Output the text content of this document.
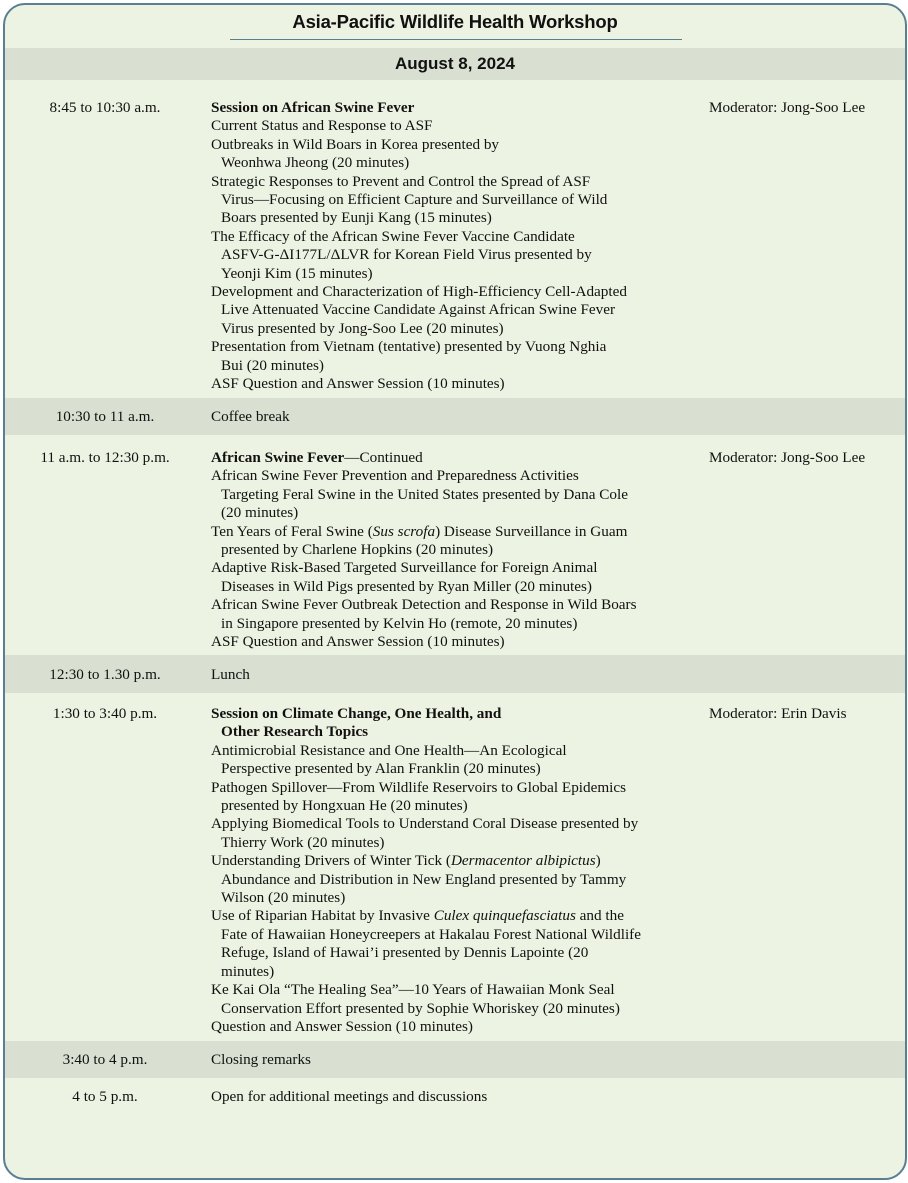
Asia-Pacific Wildlife Health Workshop
August 8, 2024
8:45 to 10:30 a.m.	Session on African Swine Fever
Current Status and Response to ASF
Outbreaks in Wild Boars in Korea presented by
Weonhwa Jheong (20 minutes)
Strategic Responses to Prevent and Control the Spread of ASF
Virus—Focusing on Efficient Capture and Surveillance of Wild
Boars presented by Eunji Kang (15 minutes)
The Efficacy of the African Swine Fever Vaccine Candidate
ASFV-G-ΔI177L/ΔLVR for Korean Field Virus presented by
Yeonji Kim (15 minutes)
Development and Characterization of High-Efficiency Cell-Adapted
Live Attenuated Vaccine Candidate Against African Swine Fever
Virus presented by Jong-Soo Lee (20 minutes)
Presentation from Vietnam (tentative) presented by Vuong Nghia
Bui (20 minutes)
ASF Question and Answer Session (10 minutes)
Moderator: Jong-Soo Lee
10:30 to 11 a.m.	Coffee break
11 a.m. to 12:30 p.m.	African Swine Fever—Continued
African Swine Fever Prevention and Preparedness Activities
Targeting Feral Swine in the United States presented by Dana Cole
(20 minutes)
Ten Years of Feral Swine (Sus scrofa) Disease Surveillance in Guam
presented by Charlene Hopkins (20 minutes)
Adaptive Risk-Based Targeted Surveillance for Foreign Animal
Diseases in Wild Pigs presented by Ryan Miller (20 minutes)
African Swine Fever Outbreak Detection and Response in Wild Boars
in Singapore presented by Kelvin Ho (remote, 20 minutes)
ASF Question and Answer Session (10 minutes)
Moderator: Jong-Soo Lee
12:30 to 1.30 p.m.	Lunch
1:30 to 3:40 p.m.	Session on Climate Change, One Health, and
Other Research Topics
Antimicrobial Resistance and One Health—An Ecological
Perspective presented by Alan Franklin (20 minutes)
Pathogen Spillover—From Wildlife Reservoirs to Global Epidemics
presented by Hongxuan He (20 minutes)
Applying Biomedical Tools to Understand Coral Disease presented by
Thierry Work (20 minutes)
Understanding Drivers of Winter Tick (Dermacentor albipictus)
Abundance and Distribution in New England presented by Tammy
Wilson (20 minutes)
Use of Riparian Habitat by Invasive Culex quinquefasciatus and the
Fate of Hawaiian Honeycreepers at Hakalau Forest National Wildlife
Refuge, Island of Hawai’i presented by Dennis Lapointe (20
minutes)
Ke Kai Ola “The Healing Sea”—10 Years of Hawaiian Monk Seal
Conservation Effort presented by Sophie Whoriskey (20 minutes)
Question and Answer Session (10 minutes)
Moderator: Erin Davis
3:40 to 4 p.m.	Closing remarks
4 to 5 p.m.	Open for additional meetings and discussions
